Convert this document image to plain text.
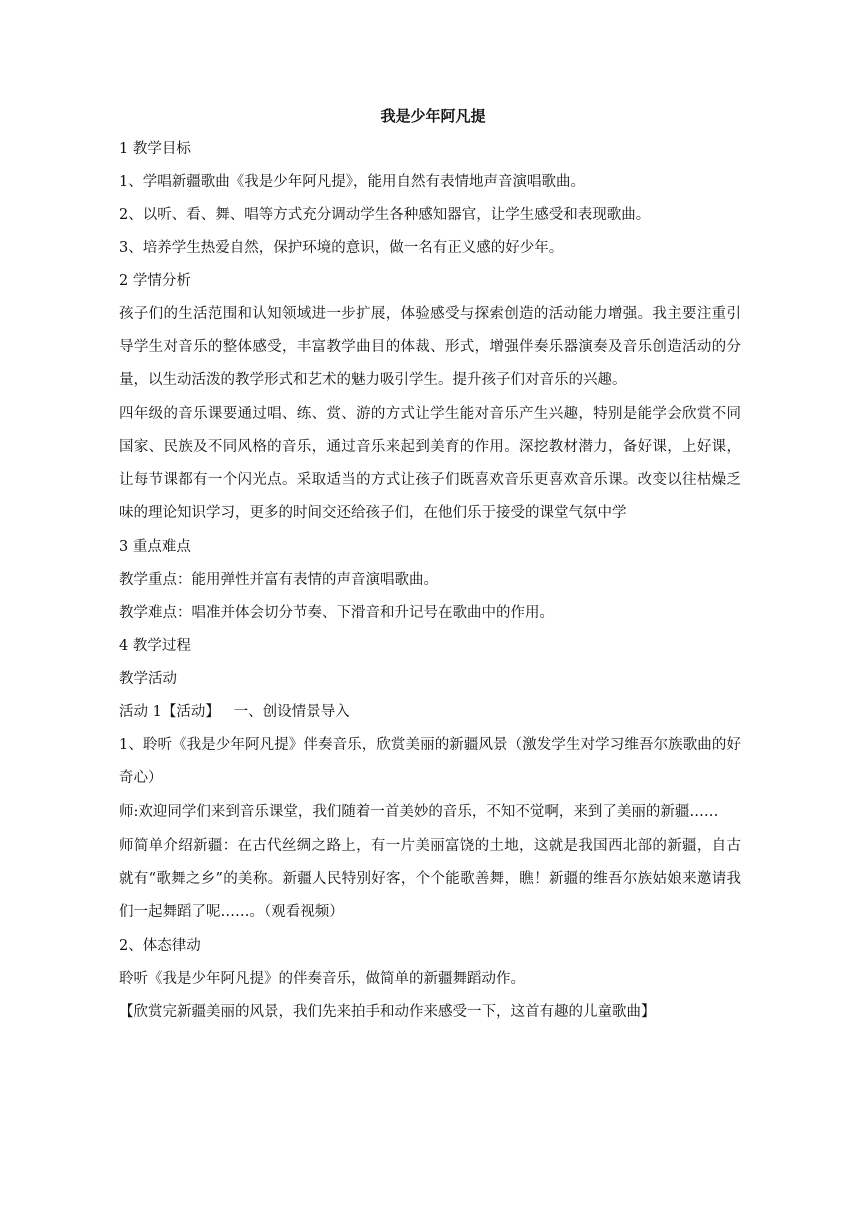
我是少年阿凡提
1 教学目标
1、学唱新疆歌曲《我是少年阿凡提》，能用自然有表情地声音演唱歌曲。
2、以听、看、舞、唱等方式充分调动学生各种感知器官，让学生感受和表现歌曲。
3、培养学生热爱自然，保护环境的意识，做一名有正义感的好少年。
2 学情分析
孩子们的生活范围和认知领域进一步扩展，体验感受与探索创造的活动能力增强。我主要注重引导学生对音乐的整体感受，丰富教学曲目的体裁、形式，增强伴奏乐器演奏及音乐创造活动的分量，以生动活泼的教学形式和艺术的魅力吸引学生。提升孩子们对音乐的兴趣。
四年级的音乐课要通过唱、练、赏、游的方式让学生能对音乐产生兴趣，特别是能学会欣赏不同国家、民族及不同风格的音乐，通过音乐来起到美育的作用。深挖教材潜力，备好课，上好课，让每节课都有一个闪光点。采取适当的方式让孩子们既喜欢音乐更喜欢音乐课。改变以往枯燥乏味的理论知识学习，更多的时间交还给孩子们，在他们乐于接受的课堂气氛中学
3 重点难点
教学重点：能用弹性并富有表情的声音演唱歌曲。
教学难点：唱准并体会切分节奏、下滑音和升记号在歌曲中的作用。
4 教学过程
教学活动
活动 1【活动】   一、创设情景导入
1、聆听《我是少年阿凡提》伴奏音乐，欣赏美丽的新疆风景（激发学生对学习维吾尔族歌曲的好奇心）
师:欢迎同学们来到音乐课堂，我们随着一首美妙的音乐，不知不觉啊，来到了美丽的新疆……
师简单介绍新疆：在古代丝绸之路上，有一片美丽富饶的土地，这就是我国西北部的新疆，自古就有“歌舞之乡”的美称。新疆人民特别好客，个个能歌善舞，瞧！新疆的维吾尔族姑娘来邀请我们一起舞蹈了呢……。（观看视频）
2、体态律动
聆听《我是少年阿凡提》的伴奏音乐，做简单的新疆舞蹈动作。
【欣赏完新疆美丽的风景，我们先来拍手和动作来感受一下，这首有趣的儿童歌曲】
